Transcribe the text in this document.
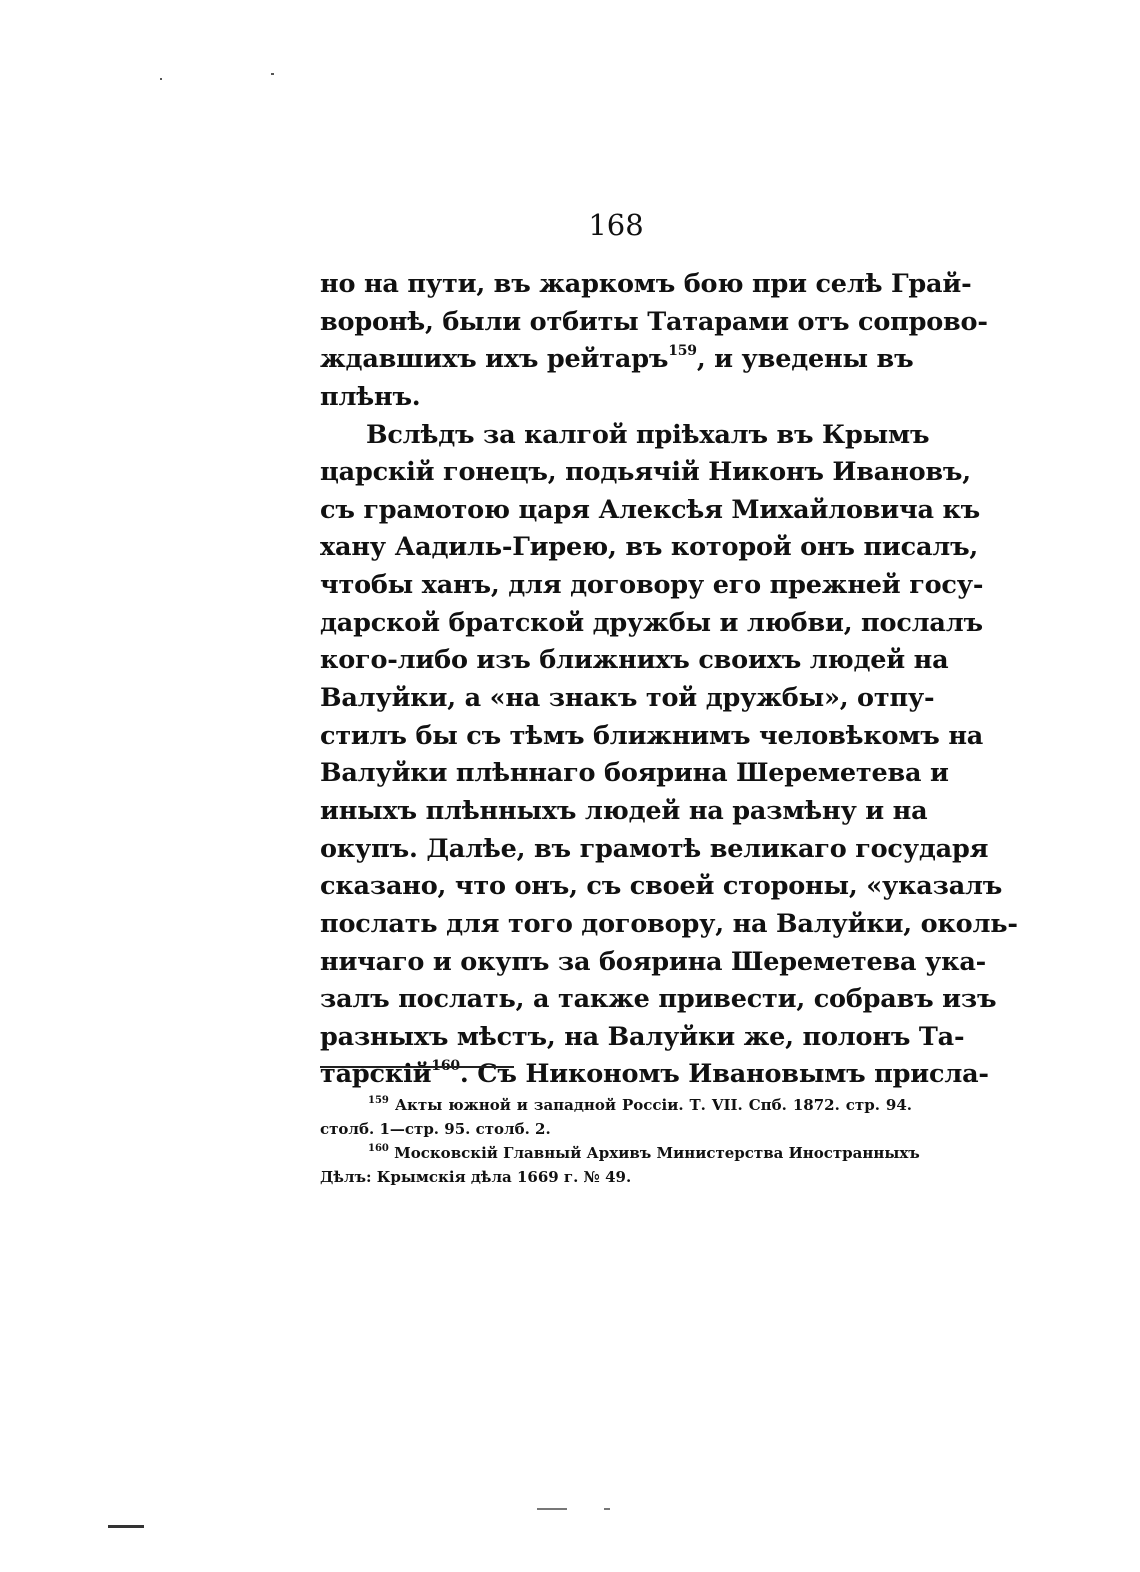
168
но на пути, въ жаркомъ бою при селѣ Грай-
воронѣ, были отбиты Татарами отъ сопрово-
ждавшихъ ихъ рейтаръ$^{159}$, и уведены въ
плѣнъ.
Вслѣдъ за калгой пріѣхалъ въ Крымъ
царскій гонецъ, подьячій Никонъ Ивановъ,
съ грамотою царя Алексѣя Михайловича къ
хану Аадиль-Гирею, въ которой онъ писалъ,
чтобы ханъ, для договору его прежней госу-
дарской братской дружбы и любви, послалъ
кого-либо изъ ближнихъ своихъ людей на
Валуйки, а «на знакъ той дружбы», отпу-
стилъ бы съ тѣмъ ближнимъ человѣкомъ на
Валуйки плѣннаго боярина Шереметева и
иныхъ плѣнныхъ людей на размѣну и на
окупъ. Далѣе, въ грамотѣ великаго государя
сказано, что онъ, съ своей стороны, «указалъ
послать для того договору, на Валуйки, околь-
ничаго и окупъ за боярина Шереметева ука-
залъ послать, а также привести, собравъ изъ
разныхъ мѣстъ, на Валуйки же, полонъ Та-
тарскій$^{160}$. Съ Никономъ Ивановымъ присла-
$^{159}$ Акты южной и западной Россіи. Т. VII. Спб. 1872. стр. 94.
столб. 1—стр. 95. столб. 2.
$^{160}$ Московскій Главный Архивъ Министерства Иностранныхъ
Дѣлъ: Крымскія дѣла 1669 г. № 49.
